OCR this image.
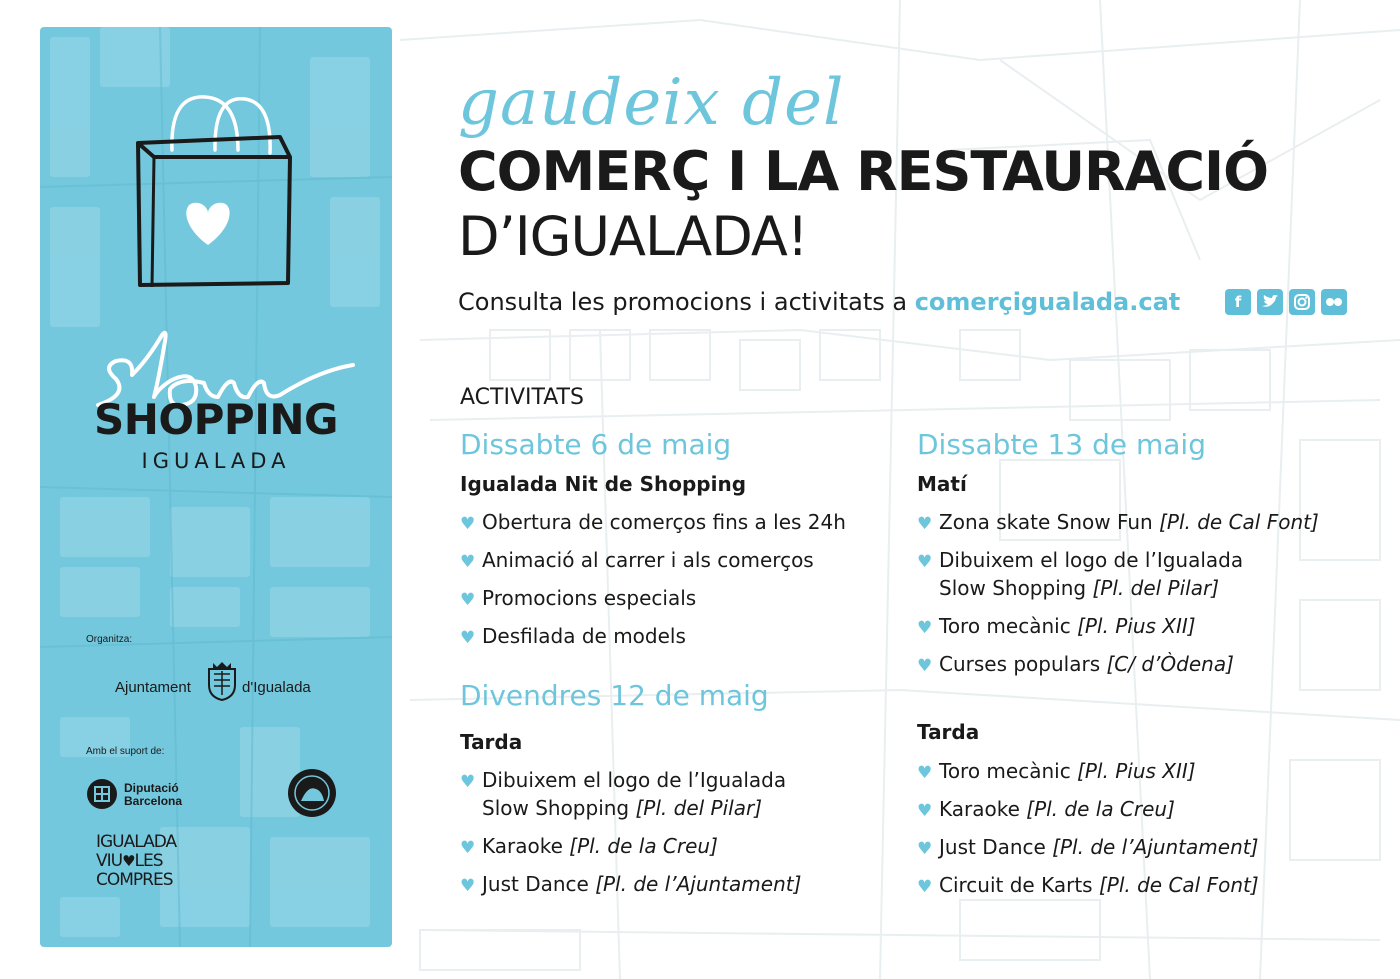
SHOPPING
IGUALADA
Organitza:
Ajuntament	d'Igualada
Amb el suport de:
Diputació
Barcelona
IGUALADA
VIU♥LES
COMPRES
gaudeix del
COMERÇ I LA RESTAURACIÓ
D’IGUALADA!
Consulta les promocions i activitats a comerçigualada.cat	f
ACTIVITATS
Dissabte 6 de maig
Igualada Nit de Shopping
♥ Obertura de comerços fins a les 24h
♥ Animació al carrer i als comerços
♥ Promocions especials
♥ Desfilada de models
Divendres 12 de maig
Tarda
♥ Dibuixem el logo de l’Igualada
Slow Shopping [Pl. del Pilar]
♥ Karaoke [Pl. de la Creu]
♥ Just Dance [Pl. de l’Ajuntament]
Dissabte 13 de maig
Matí
♥ Zona skate Snow Fun [Pl. de Cal Font]
♥ Dibuixem el logo de l’Igualada
Slow Shopping [Pl. del Pilar]
♥ Toro mecànic [Pl. Pius XII]
♥ Curses populars [C/ d’Òdena]
Tarda
♥ Toro mecànic [Pl. Pius XII]
♥ Karaoke [Pl. de la Creu]
♥ Just Dance [Pl. de l’Ajuntament]
♥ Circuit de Karts [Pl. de Cal Font]
